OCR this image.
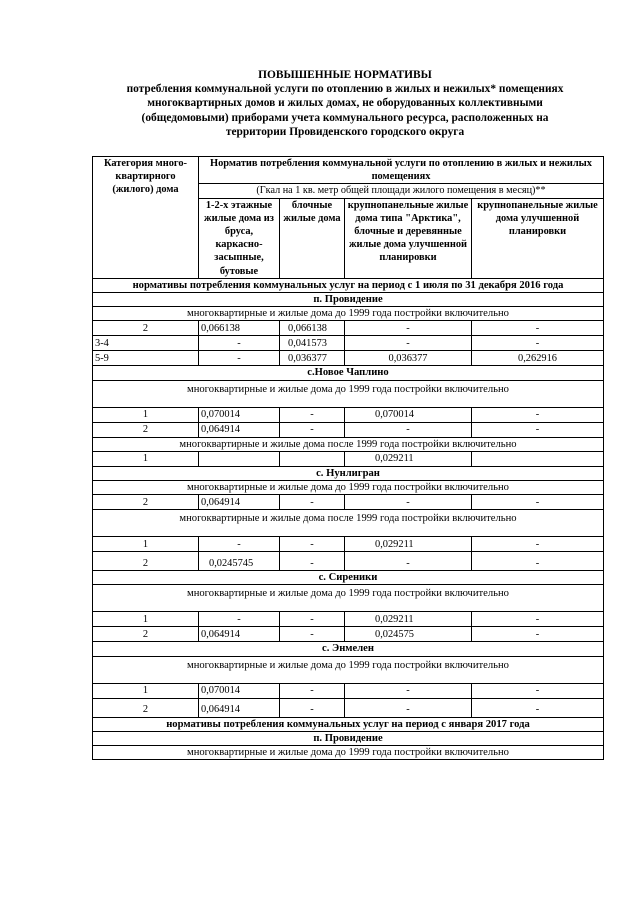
ПОВЫШЕННЫЕ НОРМАТИВЫ
потребления коммунальной услуги по отоплению в жилых и нежилых* помещениях
многоквартирных домов и жилых домах, не оборудованных коллективными
(общедомовыми) приборами учета коммунального ресурса, расположенных на
территории Провиденского городского округа
Категория много-квартирного (жилого) дома	Норматив потребления коммунальной услуги по отоплению в жилых и нежилых помещениях			
	(Гкал на 1 кв. метр общей площади жилого помещения в месяц)**			
	1-2-х этажные жилые дома из бруса, каркасно-засыпные, бутовые	блочные жилые дома	крупнопанельные жилые дома типа "Арктика", блочные и деревянные жилые дома улучшенной планировки	крупнопанельные жилые дома улучшенной планировки
нормативы потребления коммунальных услуг на период с 1 июля по 31 декабря 2016 года				
п. Провидение				
многоквартирные и жилые дома до 1999 года постройки включительно				
2	0,066138	0,066138	-	-
3-4	-	0,041573	-	-
5-9	-	0,036377	0,036377	0,262916
с.Новое Чаплино				
многоквартирные и жилые дома до 1999 года постройки включительно				
1	0,070014	-	0,070014	-
2	0,064914	-	-	-
многоквартирные и жилые дома после 1999 года постройки включительно				
1			0,029211	
с. Нунлигран				
многоквартирные и жилые дома до 1999 года постройки включительно				
2	0,064914	-	-	-
многоквартирные и жилые дома после 1999 года постройки включительно				
1	-	-	0,029211	-
2	0,0245745	-	-	-
с. Сиреники				
многоквартирные и жилые дома до 1999 года постройки включительно				
1	-	-	0,029211	-
2	0,064914	-	0,024575	-
с. Энмелен				
многоквартирные и жилые дома до 1999 года постройки включительно				
1	0,070014	-	-	-
2	0,064914	-	-	-
нормативы потребления коммунальных услуг на период с января 2017 года				
п. Провидение				
многоквартирные и жилые дома до 1999 года постройки включительно				
